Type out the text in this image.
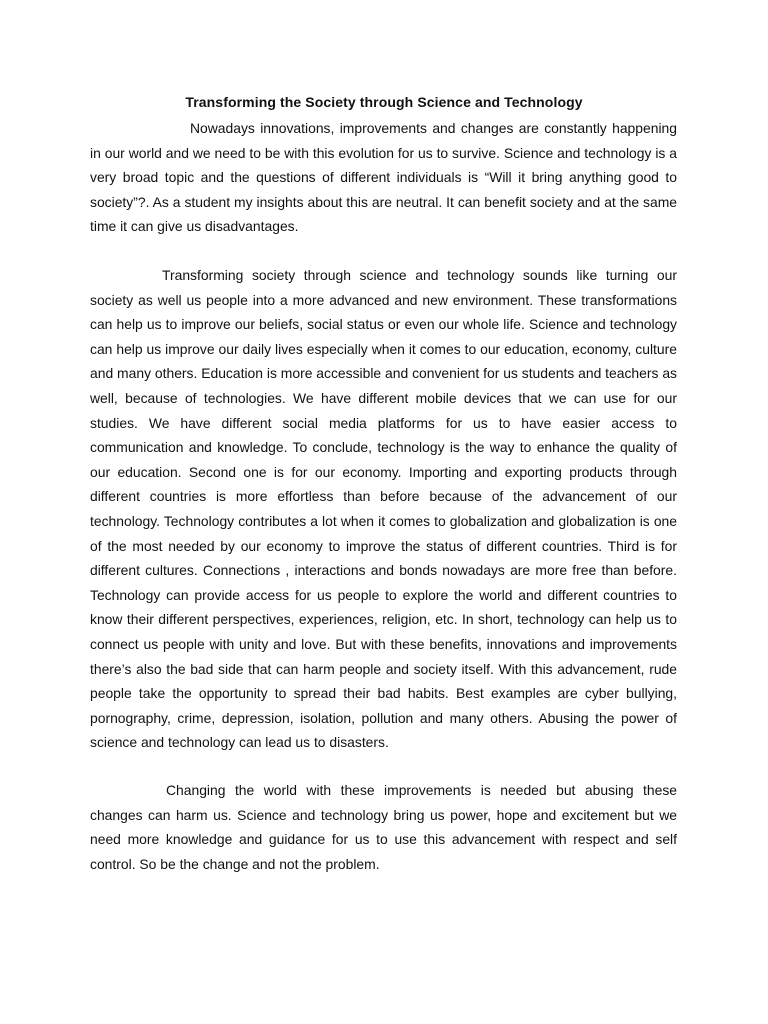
Transforming the Society through Science and Technology

Nowadays innovations, improvements and changes are constantly happening in our world and we need to be with this evolution for us to survive. Science and technology is a very broad topic and the questions of different individuals is “Will it bring anything good to society”?. As a student my insights about this are neutral. It can benefit society and at the same time it can give us disadvantages.

Transforming society through science and technology sounds like turning our society as well us people into a more advanced and new environment. These transformations can help us to improve our beliefs, social status or even our whole life. Science and technology can help us improve our daily lives especially when it comes to our education, economy, culture and many others. Education is more accessible and convenient for us students and teachers as well, because of technologies. We have different mobile devices that we can use for our studies. We have different social media platforms for us to have easier access to communication and knowledge. To conclude, technology is the way to enhance the quality of our education. Second one is for our economy. Importing and exporting products through different countries is more effortless than before because of the advancement of our technology. Technology contributes a lot when it comes to globalization and globalization is one of the most needed by our economy to improve the status of different countries. Third is for different cultures. Connections , interactions and bonds nowadays are more free than before. Technology can provide access for us people to explore the world and different countries to know their different perspectives, experiences, religion, etc. In short, technology can help us to connect us people with unity and love. But with these benefits, innovations and improvements there’s also the bad side that can harm people and society itself. With this advancement, rude people take the opportunity to spread their bad habits. Best examples are cyber bullying, pornography, crime, depression, isolation, pollution and many others. Abusing the power of science and technology can lead us to disasters.

Changing the world with these improvements is needed but abusing these changes can harm us. Science and technology bring us power, hope and excitement but we need more knowledge and guidance for us to use this advancement with respect and self control. So be the change and not the problem.
